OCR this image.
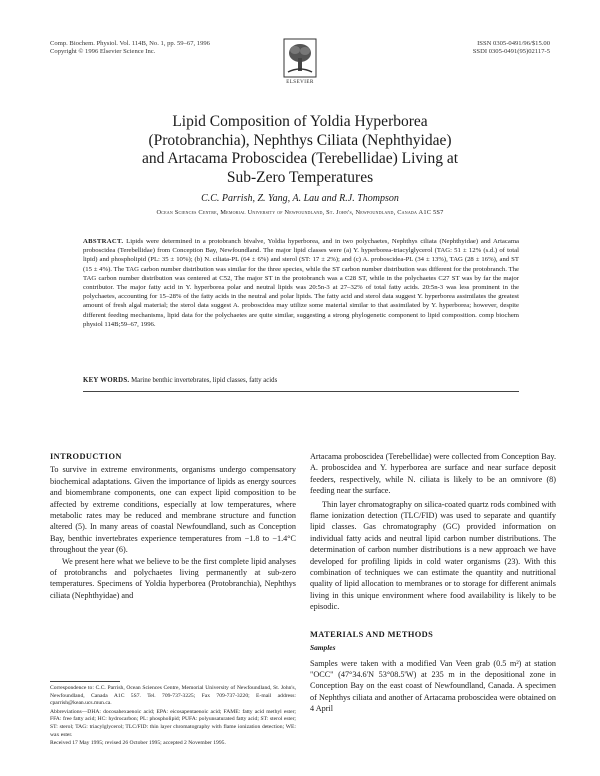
Comp. Biochem. Physiol. Vol. 114B, No. 1, pp. 59–67, 1996
Copyright © 1996 Elsevier Science Inc.
ELSEVIER
ISSN 0305-0491/96/$15.00
SSDI 0305-0491(95)02117-5
Lipid Composition of Yoldia Hyperborea
(Protobranchia), Nephthys Ciliata (Nephthyidae)
and Artacama Proboscidea (Terebellidae) Living at
Sub-Zero Temperatures
C.C. Parrish, Z. Yang, A. Lau and R.J. Thompson
Ocean Sciences Centre, Memorial University of Newfoundland, St. John's, Newfoundland, Canada A1C 5S7
ABSTRACT. Lipids were determined in a protobranch bivalve, Yoldia hyperborea, and in two polychaetes, Nephthys ciliata (Nephthyidae) and Artacama proboscidea (Terebellidae) from Conception Bay, Newfoundland. The major lipid classes were (a) Y. hyperborea-triacylglycerol (TAG: 51 ± 12% (s.d.) of total lipid) and phospholipid (PL: 35 ± 10%); (b) N. ciliata-PL (64 ± 6%) and sterol (ST: 17 ± 2%); and (c) A. proboscidea-PL (34 ± 13%), TAG (28 ± 16%), and ST (15 ± 4%). The TAG carbon number distribution was similar for the three species, while the ST carbon number distribution was different for the protobranch. The TAG carbon number distribution was centered at C52, The major ST in the protobranch was a C28 ST, while in the polychaetes C27 ST was by far the major contributor. The major fatty acid in Y. hyperborea polar and neutral lipids was 20:5n-3 at 27–32% of total fatty acids. 20:5n-3 was less prominent in the polychaetes, accounting for 15–28% of the fatty acids in the neutral and polar lipids. The fatty acid and sterol data suggest Y. hyperborea assimilates the greatest amount of fresh algal material; the sterol data suggest A. proboscidea may utilize some material similar to that assimilated by Y. hyperborea; however, despite different feeding mechanisms, lipid data for the polychaetes are quite similar, suggesting a strong phylogenetic component to lipid composition. comp biochem physiol 114B;59–67, 1996.
KEY WORDS. Marine benthic invertebrates, lipid classes, fatty acids
INTRODUCTION

To survive in extreme environments, organisms undergo compensatory biochemical adaptations. Given the importance of lipids as energy sources and biomembrane components, one can expect lipid composition to be affected by extreme conditions, especially at low temperatures, where metabolic rates may be reduced and membrane structure and function altered (5). In many areas of coastal Newfoundland, such as Conception Bay, benthic invertebrates experience temperatures from −1.8 to −1.4°C throughout the year (6).

We present here what we believe to be the first complete lipid analyses of protobranchs and polychaetes living permanently at sub-zero temperatures. Specimens of Yoldia hyperborea (Protobranchia), Nephthys ciliata (Nephthyidae) and

Correspondence to: C.C. Parrish, Ocean Sciences Centre, Memorial University of Newfoundland, St. John's, Newfoundland, Canada A1C 5S7. Tel. 709-737-3225; Fax 709-737-3220; E-mail address: cparrish@kean.ucs.mun.ca.

Abbreviations—DHA: docosahexaenoic acid; EPA: eicosapentaenoic acid; FAME: fatty acid methyl ester; FFA: free fatty acid; HC: hydrocarbon; PL: phospholipid; PUFA: polyunsaturated fatty acid; ST: sterol ester; ST: sterol; TAG: triacylglycerol; TLC/FID: thin layer chromatography with flame ionization detection; WE: wax ester.

Received 17 May 1995; revised 26 October 1995; accepted 2 November 1995.

Artacama proboscidea (Terebellidae) were collected from Conception Bay. A. proboscidea and Y. hyperborea are surface and near surface deposit feeders, respectively, while N. ciliata is likely to be an omnivore (8) feeding near the surface.

Thin layer chromatography on silica-coated quartz rods combined with flame ionization detection (TLC/FID) was used to separate and quantify lipid classes. Gas chromatography (GC) provided information on individual fatty acids and neutral lipid carbon number distributions. The determination of carbon number distributions is a new approach we have developed for profiling lipids in cold water organisms (23). With this combination of techniques we can estimate the quantity and nutritional quality of lipid allocation to membranes or to storage for different animals living in this unique environment where food availability is likely to be episodic.

MATERIALS AND METHODS
Samples

Samples were taken with a modified Van Veen grab (0.5 m²) at station "OCC" (47°34.6'N 53°08.5'W) at 235 m in the depositional zone in Conception Bay on the east coast of Newfoundland, Canada. A specimen of Nephthys ciliata and another of Artacama proboscidea were obtained on 4 April
